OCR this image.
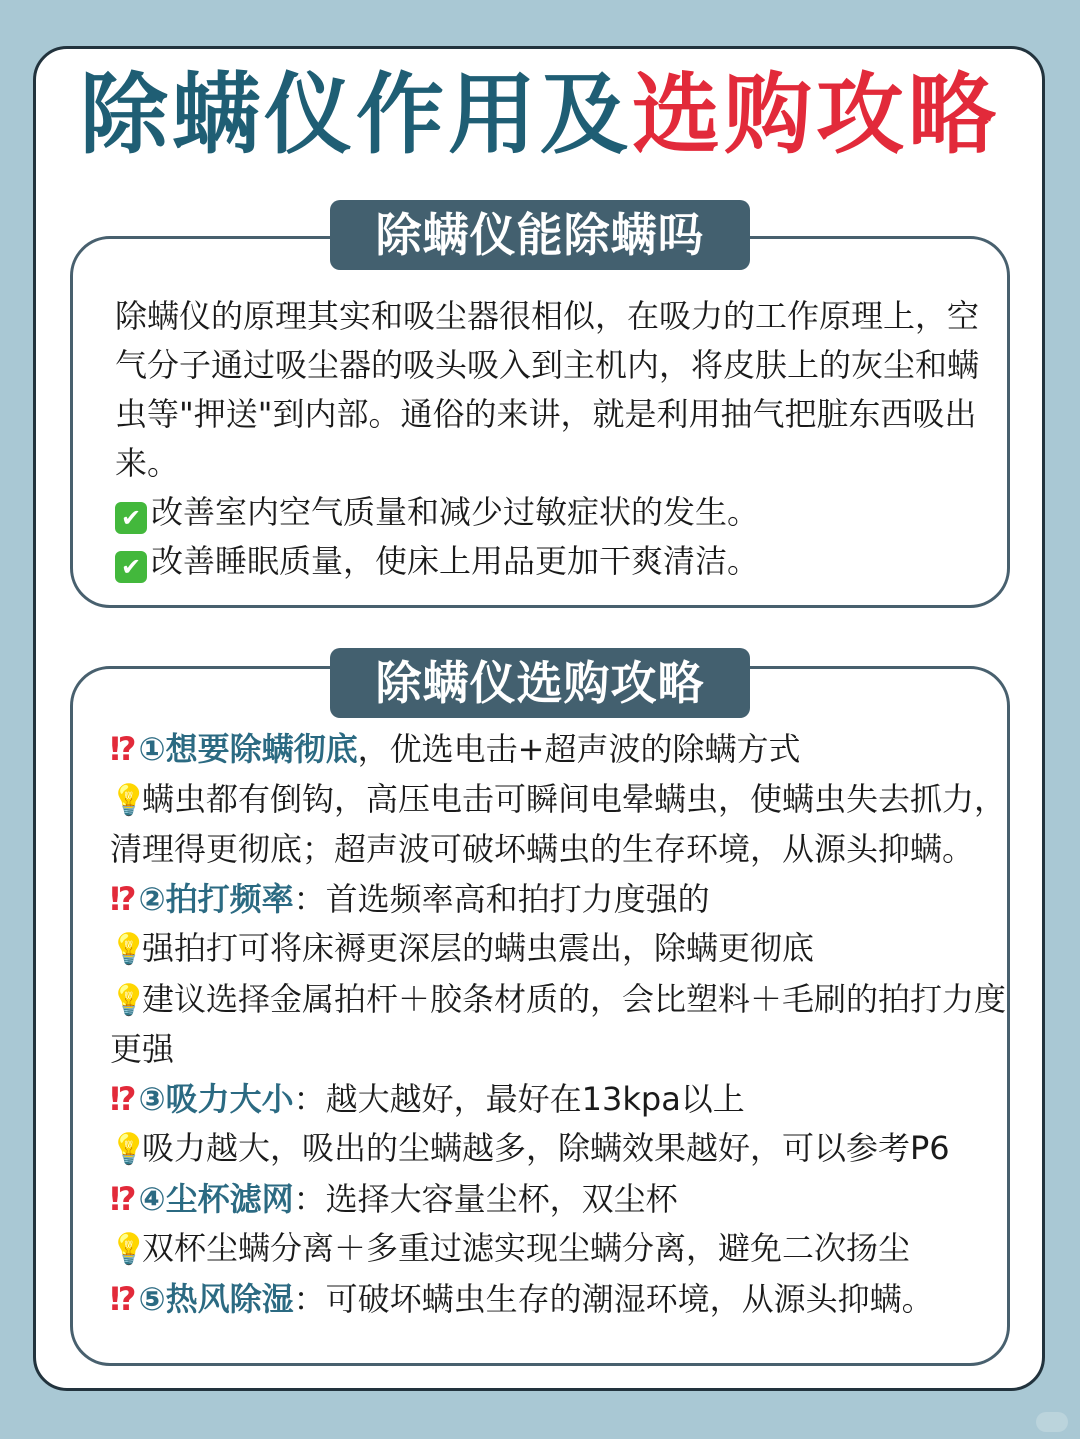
除螨仪作用及选购攻略
除螨仪能除螨吗

除螨仪的原理其实和吸尘器很相似，在吸力的工作原理上，空气分子通过吸尘器的吸头吸入到主机内，将皮肤上的灰尘和螨虫等"押送"到内部。通俗的来讲，就是利用抽气把脏东西吸出来。

✔ 改善室内空气质量和减少过敏症状的发生。

✔ 改善睡眠质量，使床上用品更加干爽清洁。

除螨仪选购攻略

⁉①想要除螨彻底，优选电击+超声波的除螨方式

💡螨虫都有倒钩，高压电击可瞬间电晕螨虫，使螨虫失去抓力，清理得更彻底；超声波可破坏螨虫的生存环境，从源头抑螨。

⁉②拍打频率：首选频率高和拍打力度强的

💡强拍打可将床褥更深层的螨虫震出，除螨更彻底

💡建议选择金属拍杆＋胶条材质的，会比塑料＋毛刷的拍打力度更强

⁉③吸力大小：越大越好，最好在13kpa以上

💡吸力越大，吸出的尘螨越多，除螨效果越好，可以参考P6

⁉④尘杯滤网：选择大容量尘杯，双尘杯

💡双杯尘螨分离＋多重过滤实现尘螨分离，避免二次扬尘

⁉⑤热风除湿：可破坏螨虫生存的潮湿环境，从源头抑螨。
